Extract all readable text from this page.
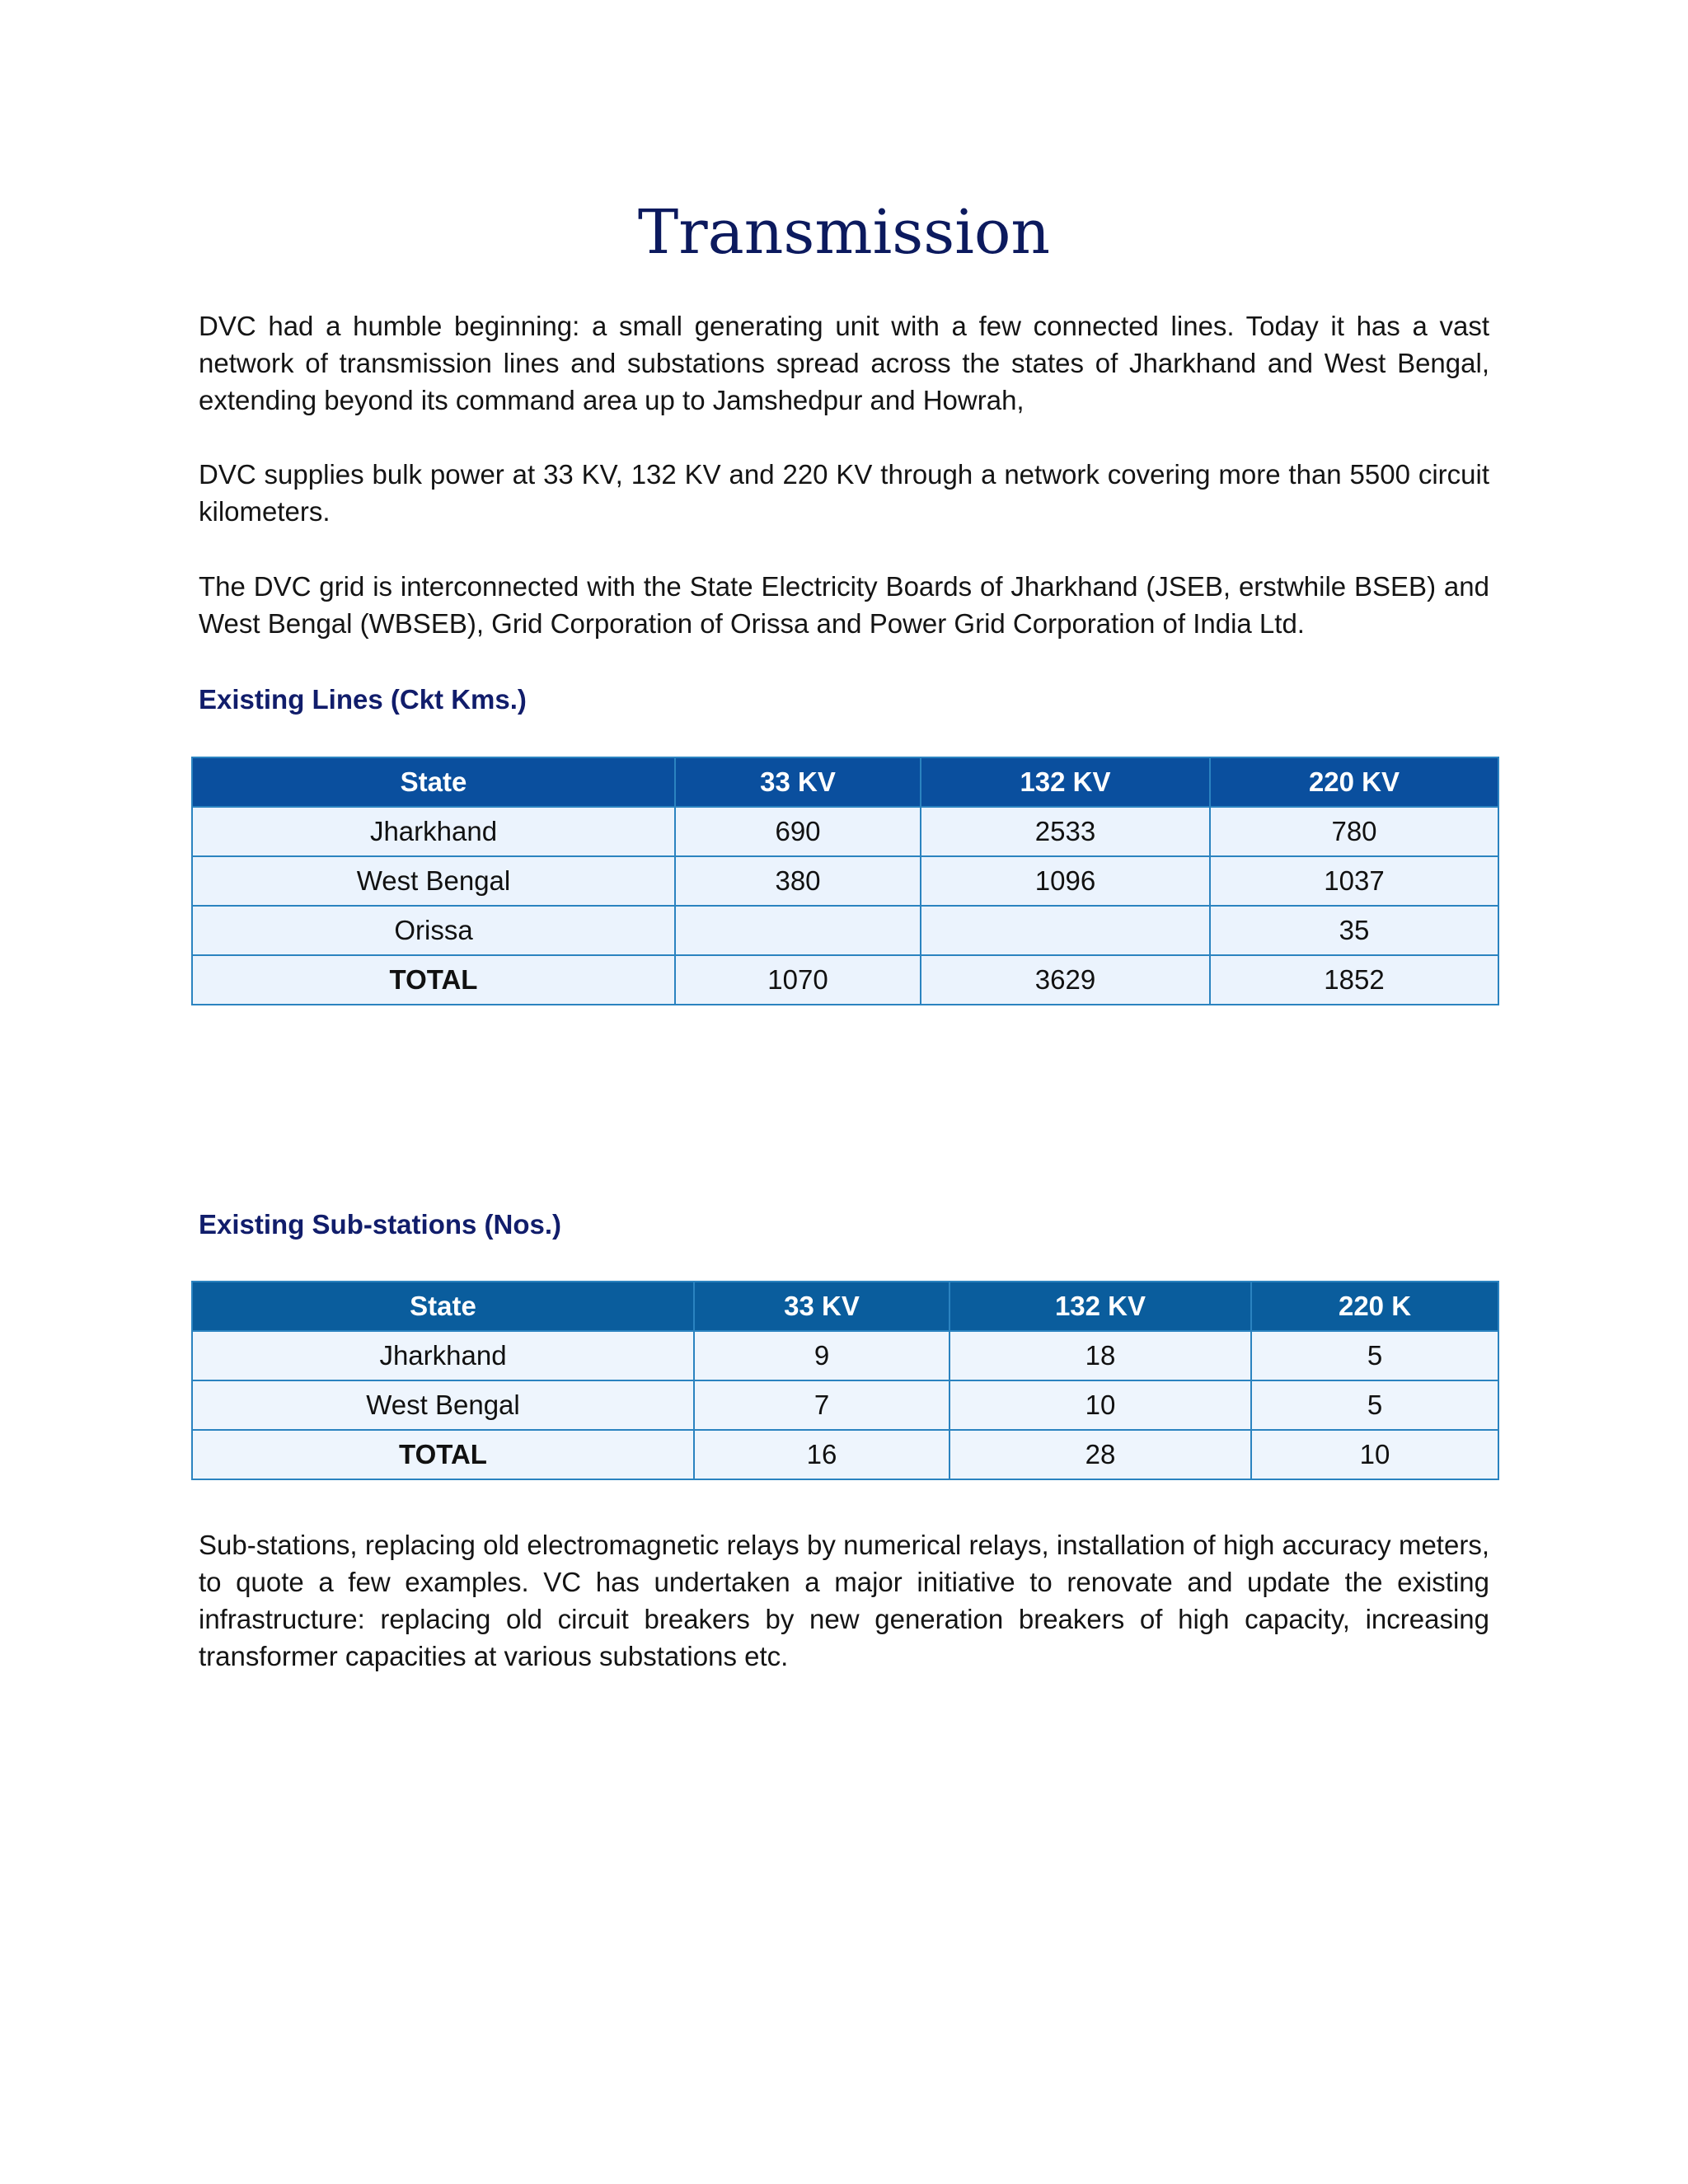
Transmission

DVC had a humble beginning: a small generating unit with a few connected lines. Today it has a vast network of transmission lines and substations spread across the states of Jharkhand and West Bengal, extending beyond its command area up to Jamshedpur and Howrah,

DVC supplies bulk power at 33 KV, 132 KV and 220 KV through a network covering more than 5500 circuit kilometers.

The DVC grid is interconnected with the State Electricity Boards of Jharkhand (JSEB, erstwhile BSEB) and West Bengal (WBSEB), Grid Corporation of Orissa and Power Grid Corporation of India Ltd.

Existing Lines (Ckt Kms.)
State	33 KV	132 KV	220 KV
Jharkhand	690	2533	780
West Bengal	380	1096	1037
Orissa			35
TOTAL	1070	3629	1852
Existing Sub-stations (Nos.)
State	33 KV	132 KV	220 K
Jharkhand	9	18	5
West Bengal	7	10	5
TOTAL	16	28	10

Sub-stations, replacing old electromagnetic relays by numerical relays, installation of high accuracy meters, to quote a few examples. VC has undertaken a major initiative to renovate and update the existing infrastructure: replacing old circuit breakers by new generation breakers of high capacity, increasing transformer capacities at various substations etc.
